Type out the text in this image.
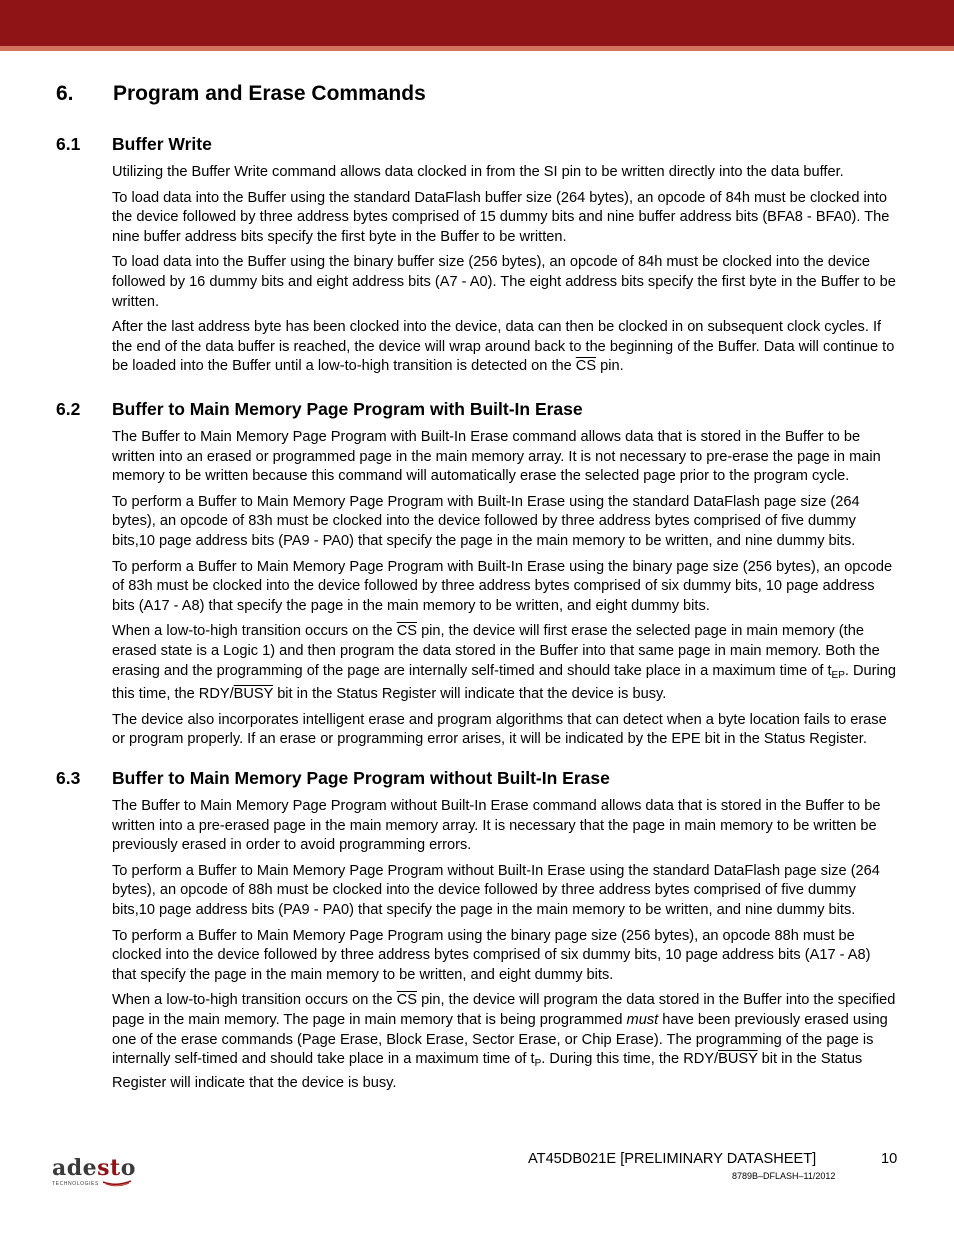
6. Program and Erase Commands
6.1 Buffer Write

Utilizing the Buffer Write command allows data clocked in from the SI pin to be written directly into the data buffer.

To load data into the Buffer using the standard DataFlash buffer size (264 bytes), an opcode of 84h must be clocked into the device followed by three address bytes comprised of 15 dummy bits and nine buffer address bits (BFA8 - BFA0). The nine buffer address bits specify the first byte in the Buffer to be written.

To load data into the Buffer using the binary buffer size (256 bytes), an opcode of 84h must be clocked into the device followed by 16 dummy bits and eight address bits (A7 - A0). The eight address bits specify the first byte in the Buffer to be written.

After the last address byte has been clocked into the device, data can then be clocked in on subsequent clock cycles. If the end of the data buffer is reached, the device will wrap around back to the beginning of the Buffer. Data will continue to be loaded into the Buffer until a low-to-high transition is detected on the $\overline{CS}$ pin.

6.2 Buffer to Main Memory Page Program with Built-In Erase

The Buffer to Main Memory Page Program with Built-In Erase command allows data that is stored in the Buffer to be written into an erased or programmed page in the main memory array. It is not necessary to pre-erase the page in main memory to be written because this command will automatically erase the selected page prior to the program cycle.

To perform a Buffer to Main Memory Page Program with Built-In Erase using the standard DataFlash page size (264 bytes), an opcode of 83h must be clocked into the device followed by three address bytes comprised of five dummy bits,10 page address bits (PA9 - PA0) that specify the page in the main memory to be written, and nine dummy bits.

To perform a Buffer to Main Memory Page Program with Built-In Erase using the binary page size (256 bytes), an opcode of 83h must be clocked into the device followed by three address bytes comprised of six dummy bits, 10 page address bits (A17 - A8) that specify the page in the main memory to be written, and eight dummy bits.

When a low-to-high transition occurs on the $\overline{CS}$ pin, the device will first erase the selected page in main memory (the erased state is a Logic 1) and then program the data stored in the Buffer into that same page in main memory. Both the erasing and the programming of the page are internally self-timed and should take place in a maximum time of $t_{EP}$. During this time, the RDY/BUSY bit in the Status Register will indicate that the device is busy.

The device also incorporates intelligent erase and program algorithms that can detect when a byte location fails to erase or program properly. If an erase or programming error arises, it will be indicated by the EPE bit in the Status Register.

6.3 Buffer to Main Memory Page Program without Built-In Erase

The Buffer to Main Memory Page Program without Built-In Erase command allows data that is stored in the Buffer to be written into a pre-erased page in the main memory array. It is necessary that the page in main memory to be written be previously erased in order to avoid programming errors.

To perform a Buffer to Main Memory Page Program without Built-In Erase using the standard DataFlash page size (264 bytes), an opcode of 88h must be clocked into the device followed by three address bytes comprised of five dummy bits,10 page address bits (PA9 - PA0) that specify the page in the main memory to be written, and nine dummy bits.

To perform a Buffer to Main Memory Page Program using the binary page size (256 bytes), an opcode 88h must be clocked into the device followed by three address bytes comprised of six dummy bits, 10 page address bits (A17 - A8) that specify the page in the main memory to be written, and eight dummy bits.

When a low-to-high transition occurs on the $\overline{CS}$ pin, the device will program the data stored in the Buffer into the specified page in the main memory. The page in main memory that is being programmed must have been previously erased using one of the erase commands (Page Erase, Block Erase, Sector Erase, or Chip Erase). The programming of the page is internally self-timed and should take place in a maximum time of $t_P$. During this time, the RDY/BUSY bit in the Status Register will indicate that the device is busy.

adesto
TECHNOLOGIES
AT45DB021E [PRELIMINARY DATASHEET]	10
8789B–DFLASH–11/2012
